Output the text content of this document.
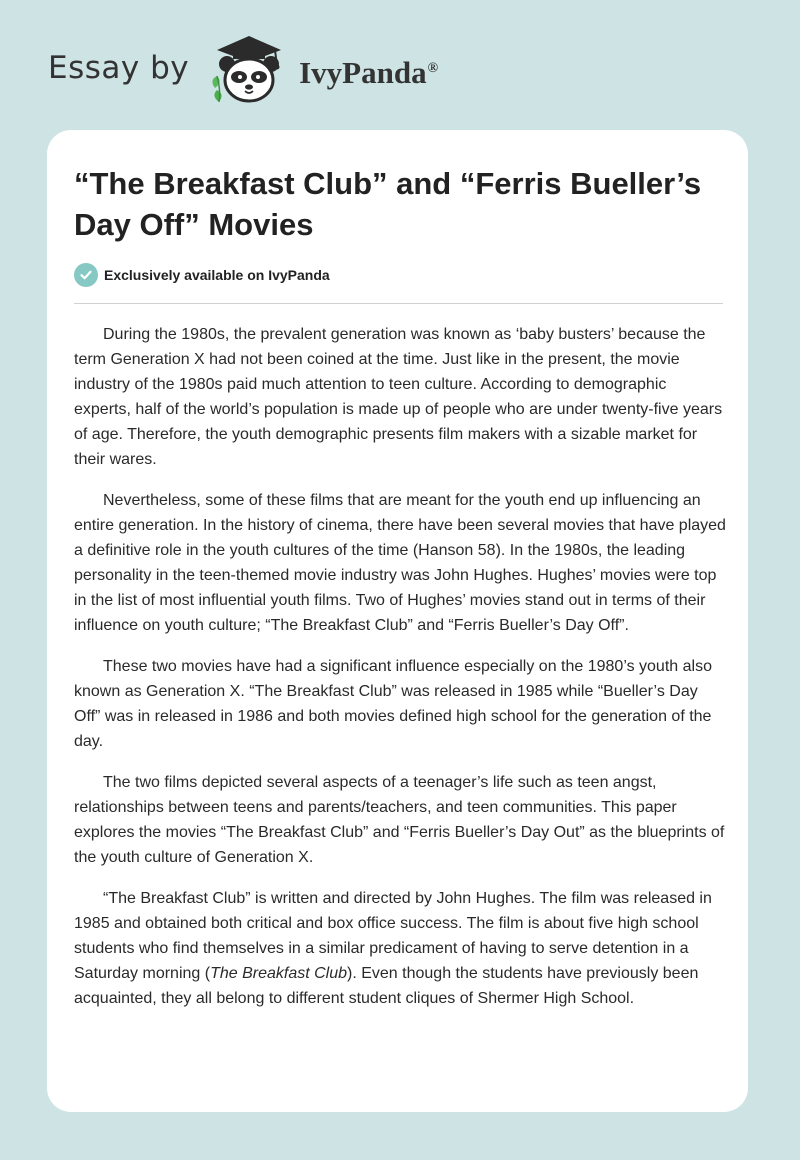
Essay by	IvyPanda®
“The Breakfast Club” and “Ferris Bueller’s Day Off” Movies
Exclusively available on IvyPanda

During the 1980s, the prevalent generation was known as ‘baby busters’ because the term Generation X had not been coined at the time. Just like in the present, the movie industry of the 1980s paid much attention to teen culture. According to demographic experts, half of the world’s population is made up of people who are under twenty-five years of age. Therefore, the youth demographic presents film makers with a sizable market for their wares.

Nevertheless, some of these films that are meant for the youth end up influencing an entire generation. In the history of cinema, there have been several movies that have played a definitive role in the youth cultures of the time (Hanson 58). In the 1980s, the leading personality in the teen-themed movie industry was John Hughes. Hughes’ movies were top in the list of most influential youth films. Two of Hughes’ movies stand out in terms of their influence on youth culture; “The Breakfast Club” and “Ferris Bueller’s Day Off”.

These two movies have had a significant influence especially on the 1980’s youth also known as Generation X. “The Breakfast Club” was released in 1985 while “Bueller’s Day Off” was in released in 1986 and both movies defined high school for the generation of the day.

The two films depicted several aspects of a teenager’s life such as teen angst, relationships between teens and parents/teachers, and teen communities. This paper explores the movies “The Breakfast Club” and “Ferris Bueller’s Day Out” as the blueprints of the youth culture of Generation X.

“The Breakfast Club” is written and directed by John Hughes. The film was released in 1985 and obtained both critical and box office success. The film is about five high school students who find themselves in a similar predicament of having to serve detention in a Saturday morning (The Breakfast Club). Even though the students have previously been acquainted, they all belong to different student cliques of Shermer High School.
